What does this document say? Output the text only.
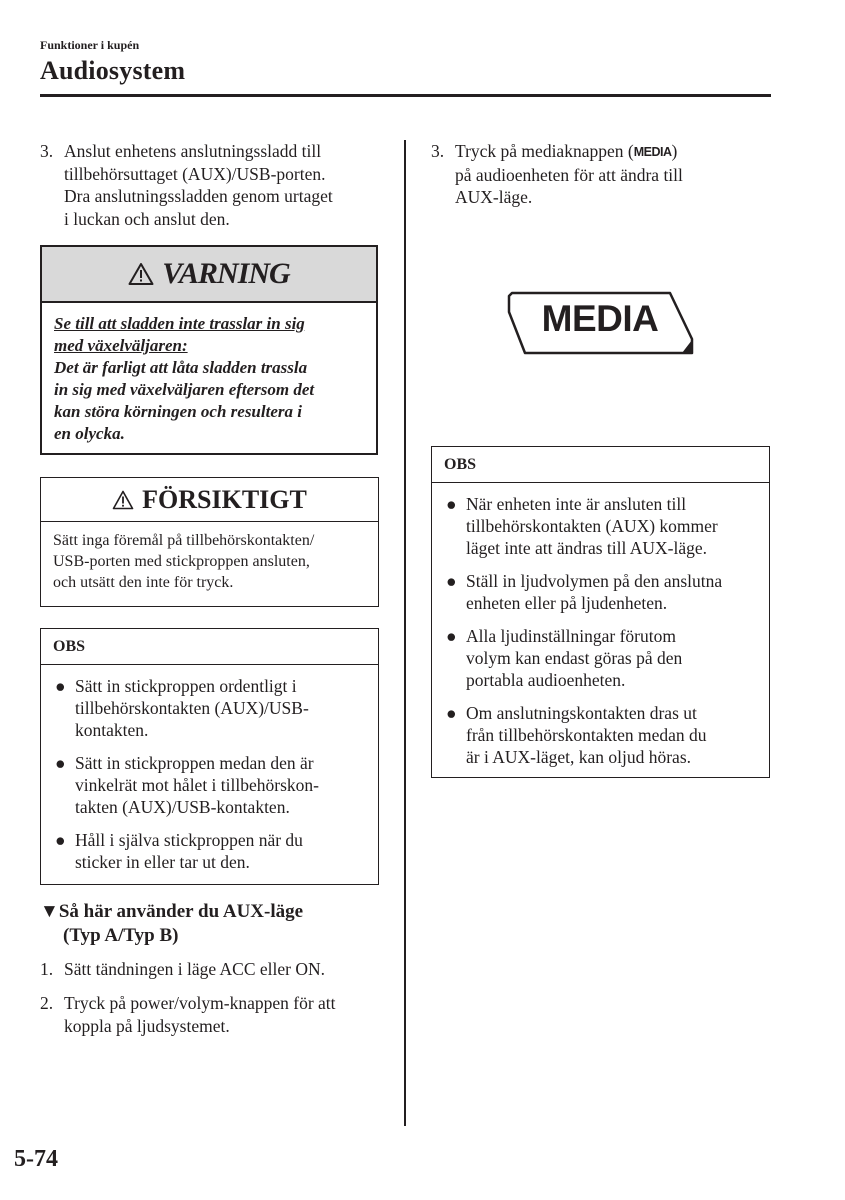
Funktioner i kupén
Audiosystem
3. Anslut enhetens anslutningssladd till
tillbehörsuttaget (AUX)/USB-porten.
Dra anslutningssladden genom urtaget
i luckan och anslut den.
VARNING
Se till att sladden inte trasslar in sig
med växelväljaren:
Det är farligt att låta sladden trassla
in sig med växelväljaren eftersom det
kan störa körningen och resultera i
en olycka.
FÖRSIKTIGT
Sätt inga föremål på tillbehörskontakten/
USB-porten med stickproppen ansluten,
och utsätt den inte för tryck.
OBS
● Sätt in stickproppen ordentligt i
tillbehörskontakten (AUX)/USB-
kontakten.
● Sätt in stickproppen medan den är
vinkelrät mot hålet i tillbehörskon-
takten (AUX)/USB-kontakten.
● Håll i själva stickproppen när du
sticker in eller tar ut den.
▼Så här använder du AUX-läge
(Typ A/Typ B)
1. Sätt tändningen i läge ACC eller ON.
2. Tryck på power/volym-knappen för att
koppla på ljudsystemet.
3. Tryck på mediaknappen (MEDIA)
på audioenheten för att ändra till
AUX-läge.
MEDIA
OBS
● När enheten inte är ansluten till
tillbehörskontakten (AUX) kommer
läget inte att ändras till AUX-läge.
● Ställ in ljudvolymen på den anslutna
enheten eller på ljudenheten.
● Alla ljudinställningar förutom
volym kan endast göras på den
portabla audioenheten.
● Om anslutningskontakten dras ut
från tillbehörskontakten medan du
är i AUX-läget, kan oljud höras.
5-74
